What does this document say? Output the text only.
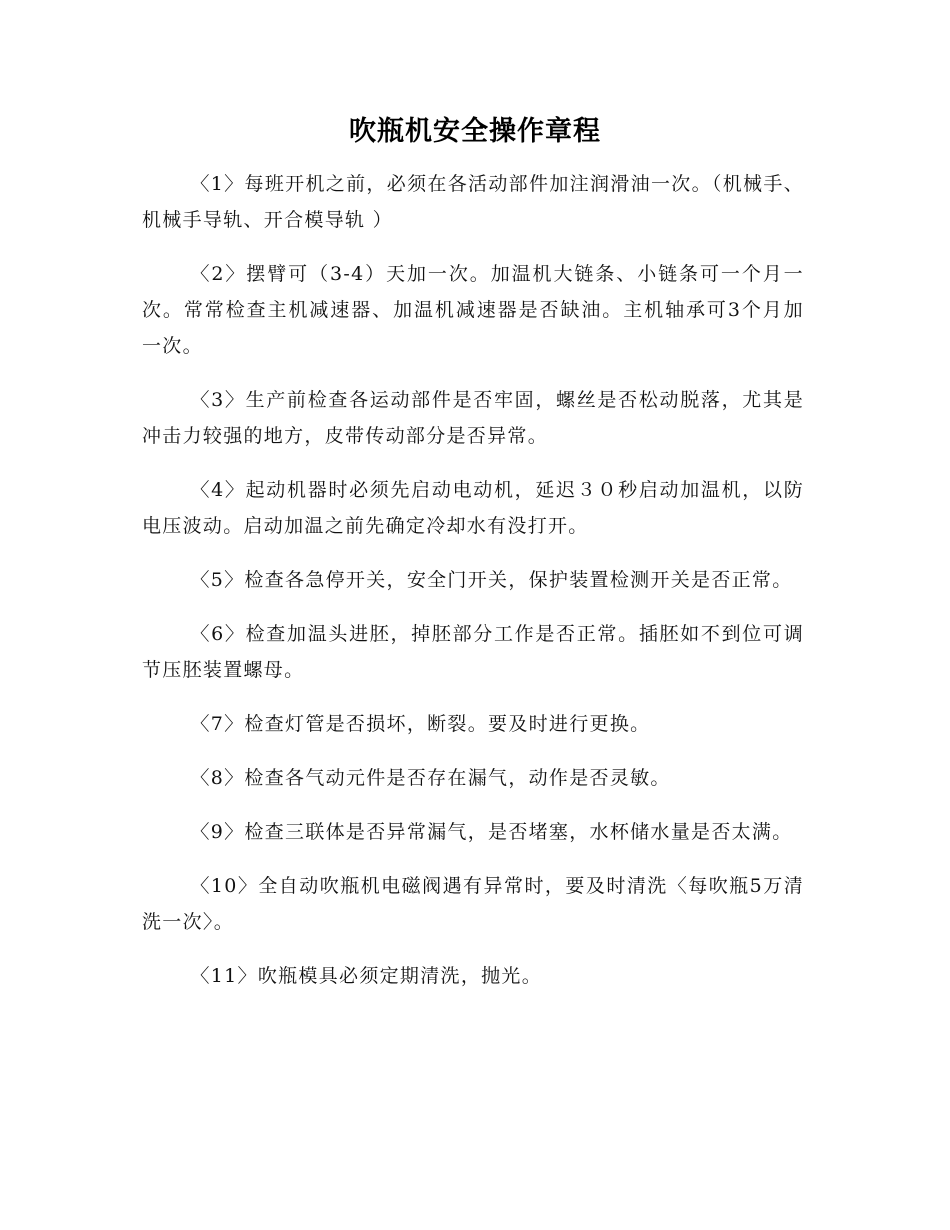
吹瓶机安全操作章程

〈1〉每班开机之前，必须在各活动部件加注润滑油一次。（机械手、机械手导轨、开合模导轨 ）

〈2〉摆臂可（3-4）天加一次。加温机大链条、小链条可一个月一次。常常检查主机减速器、加温机减速器是否缺油。主机轴承可3个月加一次。

〈3〉生产前检查各运动部件是否牢固，螺丝是否松动脱落，尤其是冲击力较强的地方，皮带传动部分是否异常。

〈4〉起动机器时必须先启动电动机，延迟３０秒启动加温机，以防电压波动。启动加温之前先确定冷却水有没打开。

〈5〉检查各急停开关，安全门开关，保护装置检测开关是否正常。

〈6〉检查加温头进胚，掉胚部分工作是否正常。插胚如不到位可调节压胚装置螺母。

〈7〉检查灯管是否损坏，断裂。要及时进行更换。

〈8〉检查各气动元件是否存在漏气，动作是否灵敏。

〈9〉检查三联体是否异常漏气，是否堵塞，水杯储水量是否太满。

〈10〉全自动吹瓶机电磁阀遇有异常时，要及时清洗〈每吹瓶5万清洗一次〉。

〈11〉吹瓶模具必须定期清洗，抛光。
